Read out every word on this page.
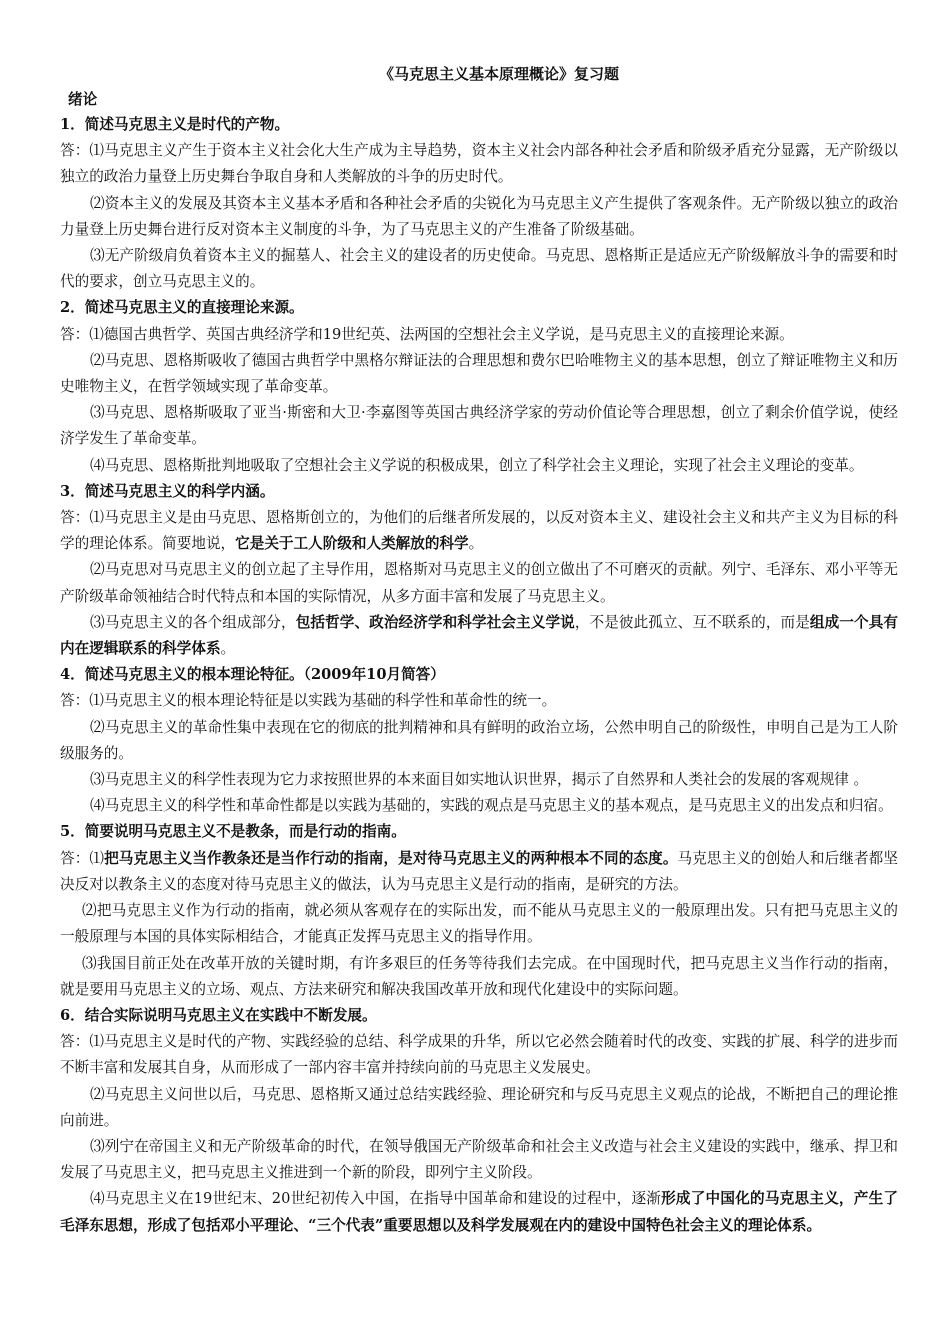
《马克思主义基本原理概论》复习题
绪论
1．简述马克思主义是时代的产物。

答：⑴马克思主义产生于资本主义社会化大生产成为主导趋势，资本主义社会内部各种社会矛盾和阶级矛盾充分显露，无产阶级以独立的政治力量登上历史舞台争取自身和人类解放的斗争的历史时代。

⑵资本主义的发展及其资本主义基本矛盾和各种社会矛盾的尖锐化为马克思主义产生提供了客观条件。无产阶级以独立的政治力量登上历史舞台进行反对资本主义制度的斗争，为了马克思主义的产生准备了阶级基础。

⑶无产阶级肩负着资本主义的掘墓人、社会主义的建设者的历史使命。马克思、恩格斯正是适应无产阶级解放斗争的需要和时代的要求，创立马克思主义的。

2．简述马克思主义的直接理论来源。

答：⑴德国古典哲学、英国古典经济学和19世纪英、法两国的空想社会主义学说，是马克思主义的直接理论来源。

⑵马克思、恩格斯吸收了德国古典哲学中黑格尔辩证法的合理思想和费尔巴哈唯物主义的基本思想，创立了辩证唯物主义和历史唯物主义，在哲学领域实现了革命变革。

⑶马克思、恩格斯吸取了亚当·斯密和大卫·李嘉图等英国古典经济学家的劳动价值论等合理思想，创立了剩余价值学说，使经济学发生了革命变革。

⑷马克思、恩格斯批判地吸取了空想社会主义学说的积极成果，创立了科学社会主义理论，实现了社会主义理论的变革。

3．简述马克思主义的科学内涵。

答：⑴马克思主义是由马克思、恩格斯创立的，为他们的后继者所发展的，以反对资本主义、建设社会主义和共产主义为目标的科学的理论体系。简要地说，它是关于工人阶级和人类解放的科学。

⑵马克思对马克思主义的创立起了主导作用，恩格斯对马克思主义的创立做出了不可磨灭的贡献。列宁、毛泽东、邓小平等无产阶级革命领袖结合时代特点和本国的实际情况，从多方面丰富和发展了马克思主义。

⑶马克思主义的各个组成部分，包括哲学、政治经济学和科学社会主义学说，不是彼此孤立、互不联系的，而是组成一个具有内在逻辑联系的科学体系。

4．简述马克思主义的根本理论特征。（2009年10月简答）

答：⑴马克思主义的根本理论特征是以实践为基础的科学性和革命性的统一。

⑵马克思主义的革命性集中表现在它的彻底的批判精神和具有鲜明的政治立场，公然申明自己的阶级性，申明自己是为工人阶级服务的。

⑶马克思主义的科学性表现为它力求按照世界的本来面目如实地认识世界，揭示了自然界和人类社会的发展的客观规律 。

⑷马克思主义的科学性和革命性都是以实践为基础的，实践的观点是马克思主义的基本观点，是马克思主义的出发点和归宿。

5．简要说明马克思主义不是教条，而是行动的指南。

答：⑴把马克思主义当作教条还是当作行动的指南，是对待马克思主义的两种根本不同的态度。马克思主义的创始人和后继者都坚决反对以教条主义的态度对待马克思主义的做法，认为马克思主义是行动的指南，是研究的方法。

⑵把马克思主义作为行动的指南，就必须从客观存在的实际出发，而不能从马克思主义的一般原理出发。只有把马克思主义的一般原理与本国的具体实际相结合，才能真正发挥马克思主义的指导作用。

⑶我国目前正处在改革开放的关键时期，有许多艰巨的任务等待我们去完成。在中国现时代，把马克思主义当作行动的指南，就是要用马克思主义的立场、观点、方法来研究和解决我国改革开放和现代化建设中的实际问题。

6．结合实际说明马克思主义在实践中不断发展。

答：⑴马克思主义是时代的产物、实践经验的总结、科学成果的升华，所以它必然会随着时代的改变、实践的扩展、科学的进步而不断丰富和发展其自身，从而形成了一部内容丰富并持续向前的马克思主义发展史。

⑵马克思主义问世以后，马克思、恩格斯又通过总结实践经验、理论研究和与反马克思主义观点的论战，不断把自己的理论推向前进。

⑶列宁在帝国主义和无产阶级革命的时代，在领导俄国无产阶级革命和社会主义改造与社会主义建设的实践中，继承、捍卫和发展了马克思主义，把马克思主义推进到一个新的阶段，即列宁主义阶段。

⑷马克思主义在19世纪末、20世纪初传入中国，在指导中国革命和建设的过程中，逐渐形成了中国化的马克思主义，产生了毛泽东思想，形成了包括邓小平理论、“三个代表”重要思想以及科学发展观在内的建设中国特色社会主义的理论体系。
